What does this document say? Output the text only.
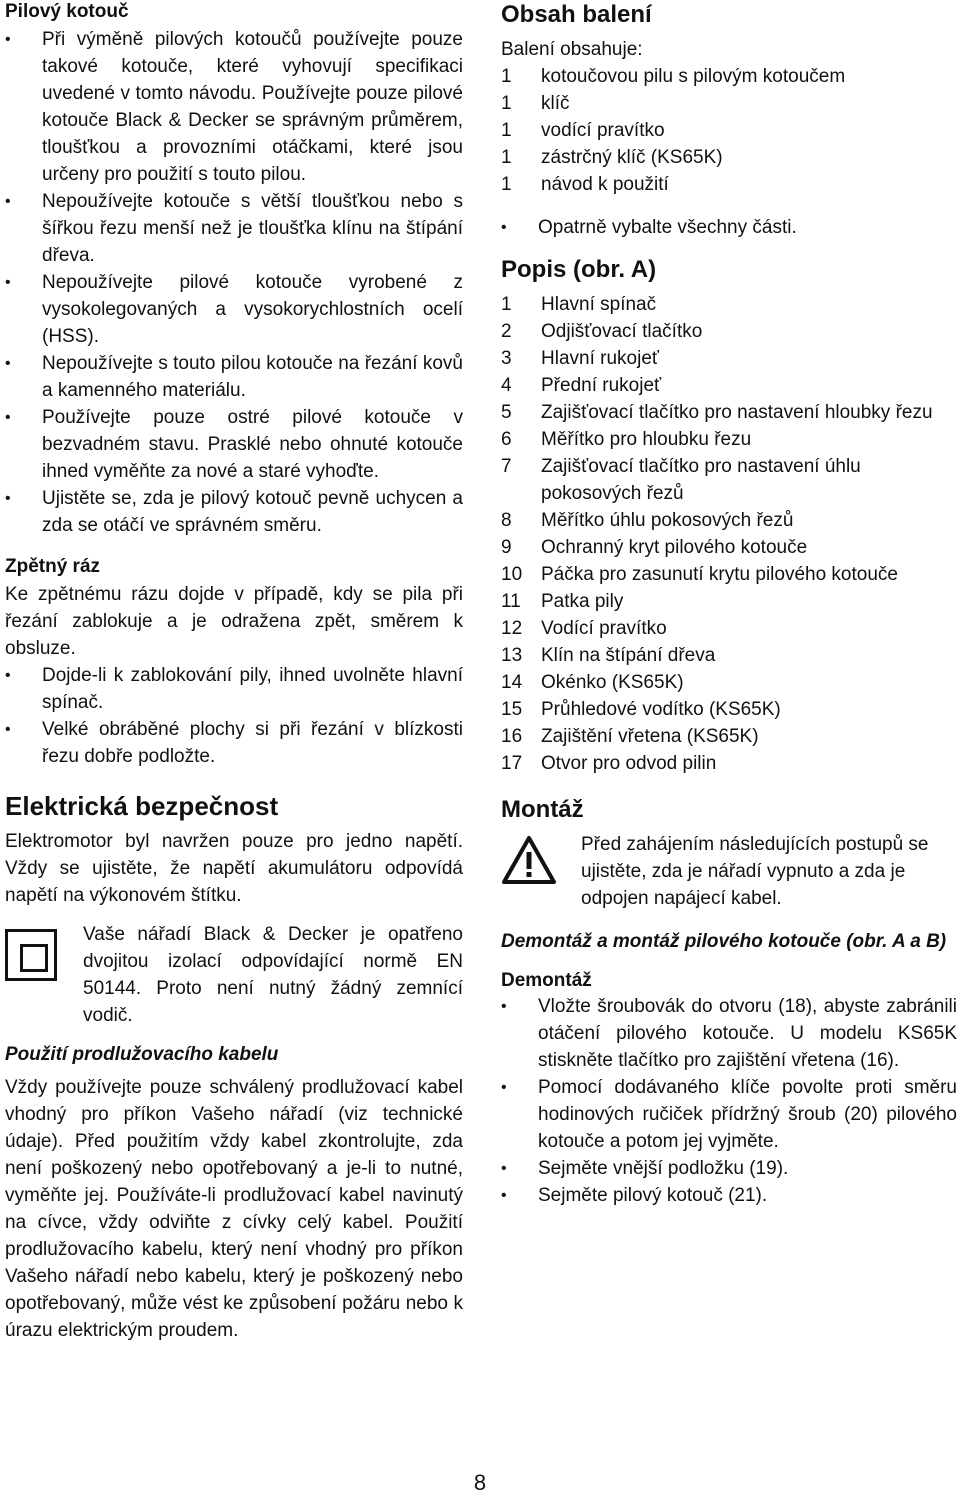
Pilový kotouč
• Při výměně pilových kotoučů používejte pouze takové kotouče, které vyhovují specifikaci uvedené v tomto návodu. Používejte pouze pilové kotouče Black & Decker se správným průměrem, tloušťkou a provozními otáčkami, které jsou určeny pro použití s touto pilou.
• Nepoužívejte kotouče s větší tloušťkou nebo s šířkou řezu menší než je tloušťka klínu na štípání dřeva.
• Nepoužívejte pilové kotouče vyrobené z vysokolegovaných a vysokorychlostních ocelí (HSS).
• Nepoužívejte s touto pilou kotouče na řezání kovů a kamenného materiálu.
• Používejte pouze ostré pilové kotouče v bezvadném stavu. Prasklé nebo ohnuté kotouče ihned vyměňte za nové a staré vyhoďte.
• Ujistěte se, zda je pilový kotouč pevně uchycen a zda se otáčí ve správném směru.
Zpětný ráz

Ke zpětnému rázu dojde v případě, kdy se pila při řezání zablokuje a je odražena zpět, směrem k obsluze.

• Dojde-li k zablokování pily, ihned uvolněte hlavní spínač.
• Velké obráběné plochy si při řezání v blízkosti řezu dobře podložte.
Elektrická bezpečnost

Elektromotor byl navržen pouze pro jedno napětí. Vždy se ujistěte, že napětí akumulátoru odpovídá napětí na výkonovém štítku.

Vaše nářadí Black & Decker je opatřeno dvojitou izolací odpovídající normě EN 50144. Proto není nutný žádný zemnící vodič.

Použití prodlužovacího kabelu

Vždy používejte pouze schválený prodlužovací kabel vhodný pro příkon Vašeho nářadí (viz technické údaje). Před použitím vždy kabel zkontrolujte, zda není poškozený nebo opotřebovaný a je-li to nutné, vyměňte jej. Používáte-li prodlužovací kabel navinutý na cívce, vždy odviňte z cívky celý kabel. Použití prodlužovacího kabelu, který není vhodný pro příkon Vašeho nářadí nebo kabelu, který je poškozený nebo opotřebovaný, může vést ke způsobení požáru nebo k úrazu elektrickým proudem.

Obsah balení

Balení obsahuje:

1	kotoučovou pilu s pilovým kotoučem
1	klíč
1	vodící pravítko
1	zástrčný klíč (KS65K)
1	návod k použití
• Opatrně vybalte všechny části.
Popis (obr. A)
1	Hlavní spínač
2	Odjišťovací tlačítko
3	Hlavní rukojeť
4	Přední rukojeť
5	Zajišťovací tlačítko pro nastavení hloubky řezu
6	Měřítko pro hloubku řezu
7	Zajišťovací tlačítko pro nastavení úhlu pokosových řezů
8	Měřítko úhlu pokosových řezů
9	Ochranný kryt pilového kotouče
10 Páčka pro zasunutí krytu pilového kotouče
11	Patka pily
12 Vodící pravítko
13 Klín na štípání dřeva
14 Okénko (KS65K)
15 Průhledové vodítko (KS65K)
16 Zajištění vřetena (KS65K)
17 Otvor pro odvod pilin
Montáž

Před zahájením následujících postupů se ujistěte, zda je nářadí vypnuto a zda je odpojen napájecí kabel.

Demontáž a montáž pilového kotouče (obr. A a B)
Demontáž
• Vložte šroubovák do otvoru (18), abyste zabránili otáčení pilového kotouče. U modelu KS65K stiskněte tlačítko pro zajištění vřetena (16).
• Pomocí dodávaného klíče povolte proti směru hodinových ručiček přídržný šroub (20) pilového kotouče a potom jej vyjměte.
• Sejměte vnější podložku (19).
• Sejměte pilový kotouč (21).
8
